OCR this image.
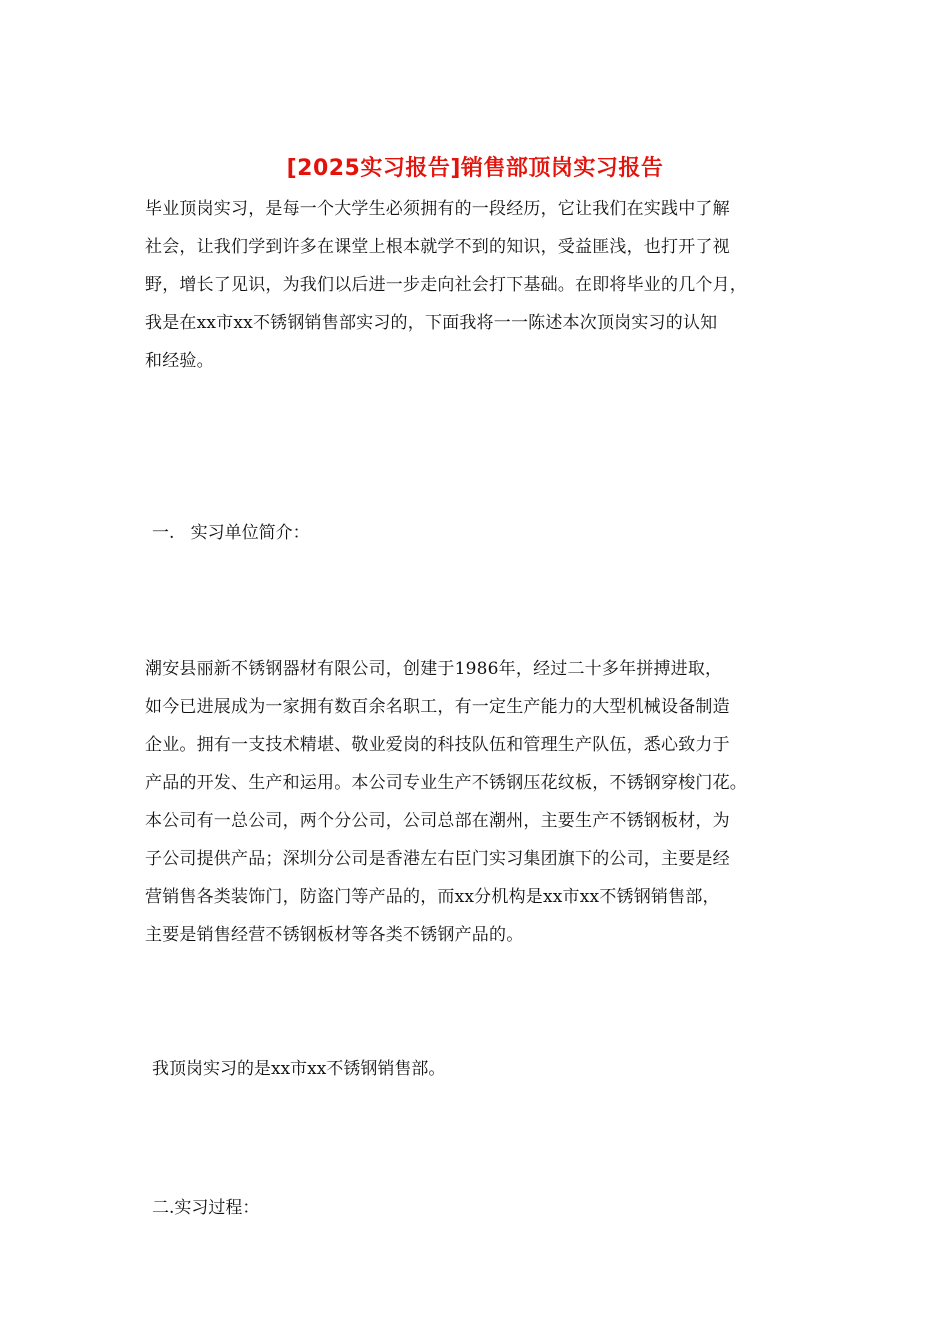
[2025实习报告]销售部顶岗实习报告
毕业顶岗实习，是每一个大学生必须拥有的一段经历，它让我们在实践中了解
社会，让我们学到许多在课堂上根本就学不到的知识，受益匪浅，也打开了视
野，增长了见识，为我们以后进一步走向社会打下基础。在即将毕业的几个月，
我是在xx市xx不锈钢销售部实习的，下面我将一一陈述本次顶岗实习的认知
和经验。
一.   实习单位简介：
潮安县丽新不锈钢器材有限公司，创建于1986年，经过二十多年拼搏进取，
如今已进展成为一家拥有数百余名职工，有一定生产能力的大型机械设备制造
企业。拥有一支技术精堪、敬业爱岗的科技队伍和管理生产队伍，悉心致力于
产品的开发、生产和运用。本公司专业生产不锈钢压花纹板，不锈钢穿梭门花。
本公司有一总公司，两个分公司，公司总部在潮州，主要生产不锈钢板材，为
子公司提供产品；深圳分公司是香港左右臣门实习集团旗下的公司，主要是经
营销售各类装饰门，防盗门等产品的，而xx分机构是xx市xx不锈钢销售部，
主要是销售经营不锈钢板材等各类不锈钢产品的。
我顶岗实习的是xx市xx不锈钢销售部。
二.实习过程：
